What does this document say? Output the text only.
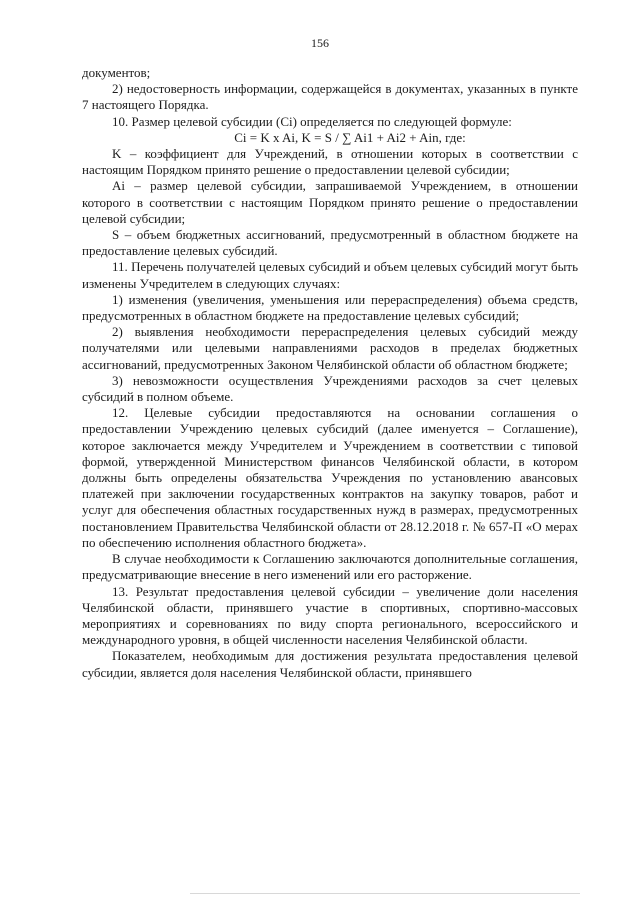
156

документов;

2) недостоверность информации, содержащейся в документах, указанных в пункте 7 настоящего Порядка.

10. Размер целевой субсидии (Ci) определяется по следующей формуле:

Ci = K x Ai, K = S / ∑ Ai1 + Ai2 + Ain, где:

K – коэффициент для Учреждений, в отношении которых в соответствии с настоящим Порядком принято решение о предоставлении целевой субсидии;

Ai – размер целевой субсидии, запрашиваемой Учреждением, в отношении которого в соответствии с настоящим Порядком принято решение о предоставлении целевой субсидии;

S – объем бюджетных ассигнований, предусмотренный в областном бюджете на предоставление целевых субсидий.

11. Перечень получателей целевых субсидий и объем целевых субсидий могут быть изменены Учредителем в следующих случаях:

1) изменения (увеличения, уменьшения или перераспределения) объема средств, предусмотренных в областном бюджете на предоставление целевых субсидий;

2) выявления необходимости перераспределения целевых субсидий между получателями или целевыми направлениями расходов в пределах бюджетных ассигнований, предусмотренных Законом Челябинской области об областном бюджете;

3) невозможности осуществления Учреждениями расходов за счет целевых субсидий в полном объеме.

12. Целевые субсидии предоставляются на основании соглашения о предоставлении Учреждению целевых субсидий (далее именуется – Соглашение), которое заключается между Учредителем и Учреждением в соответствии с типовой формой, утвержденной Министерством финансов Челябинской области, в котором должны быть определены обязательства Учреждения по установлению авансовых платежей при заключении государственных контрактов на закупку товаров, работ и услуг для обеспечения областных государственных нужд в размерах, предусмотренных постановлением Правительства Челябинской области от 28.12.2018 г. № 657-П «О мерах по обеспечению исполнения областного бюджета».

В случае необходимости к Соглашению заключаются дополнительные соглашения, предусматривающие внесение в него изменений или его расторжение.

13. Результат предоставления целевой субсидии – увеличение доли населения Челябинской области, принявшего участие в спортивных, спортивно-массовых мероприятиях и соревнованиях по виду спорта регионального, всероссийского и международного уровня, в общей численности населения Челябинской области.

Показателем, необходимым для достижения результата предоставления целевой субсидии, является доля населения Челябинской области, принявшего
